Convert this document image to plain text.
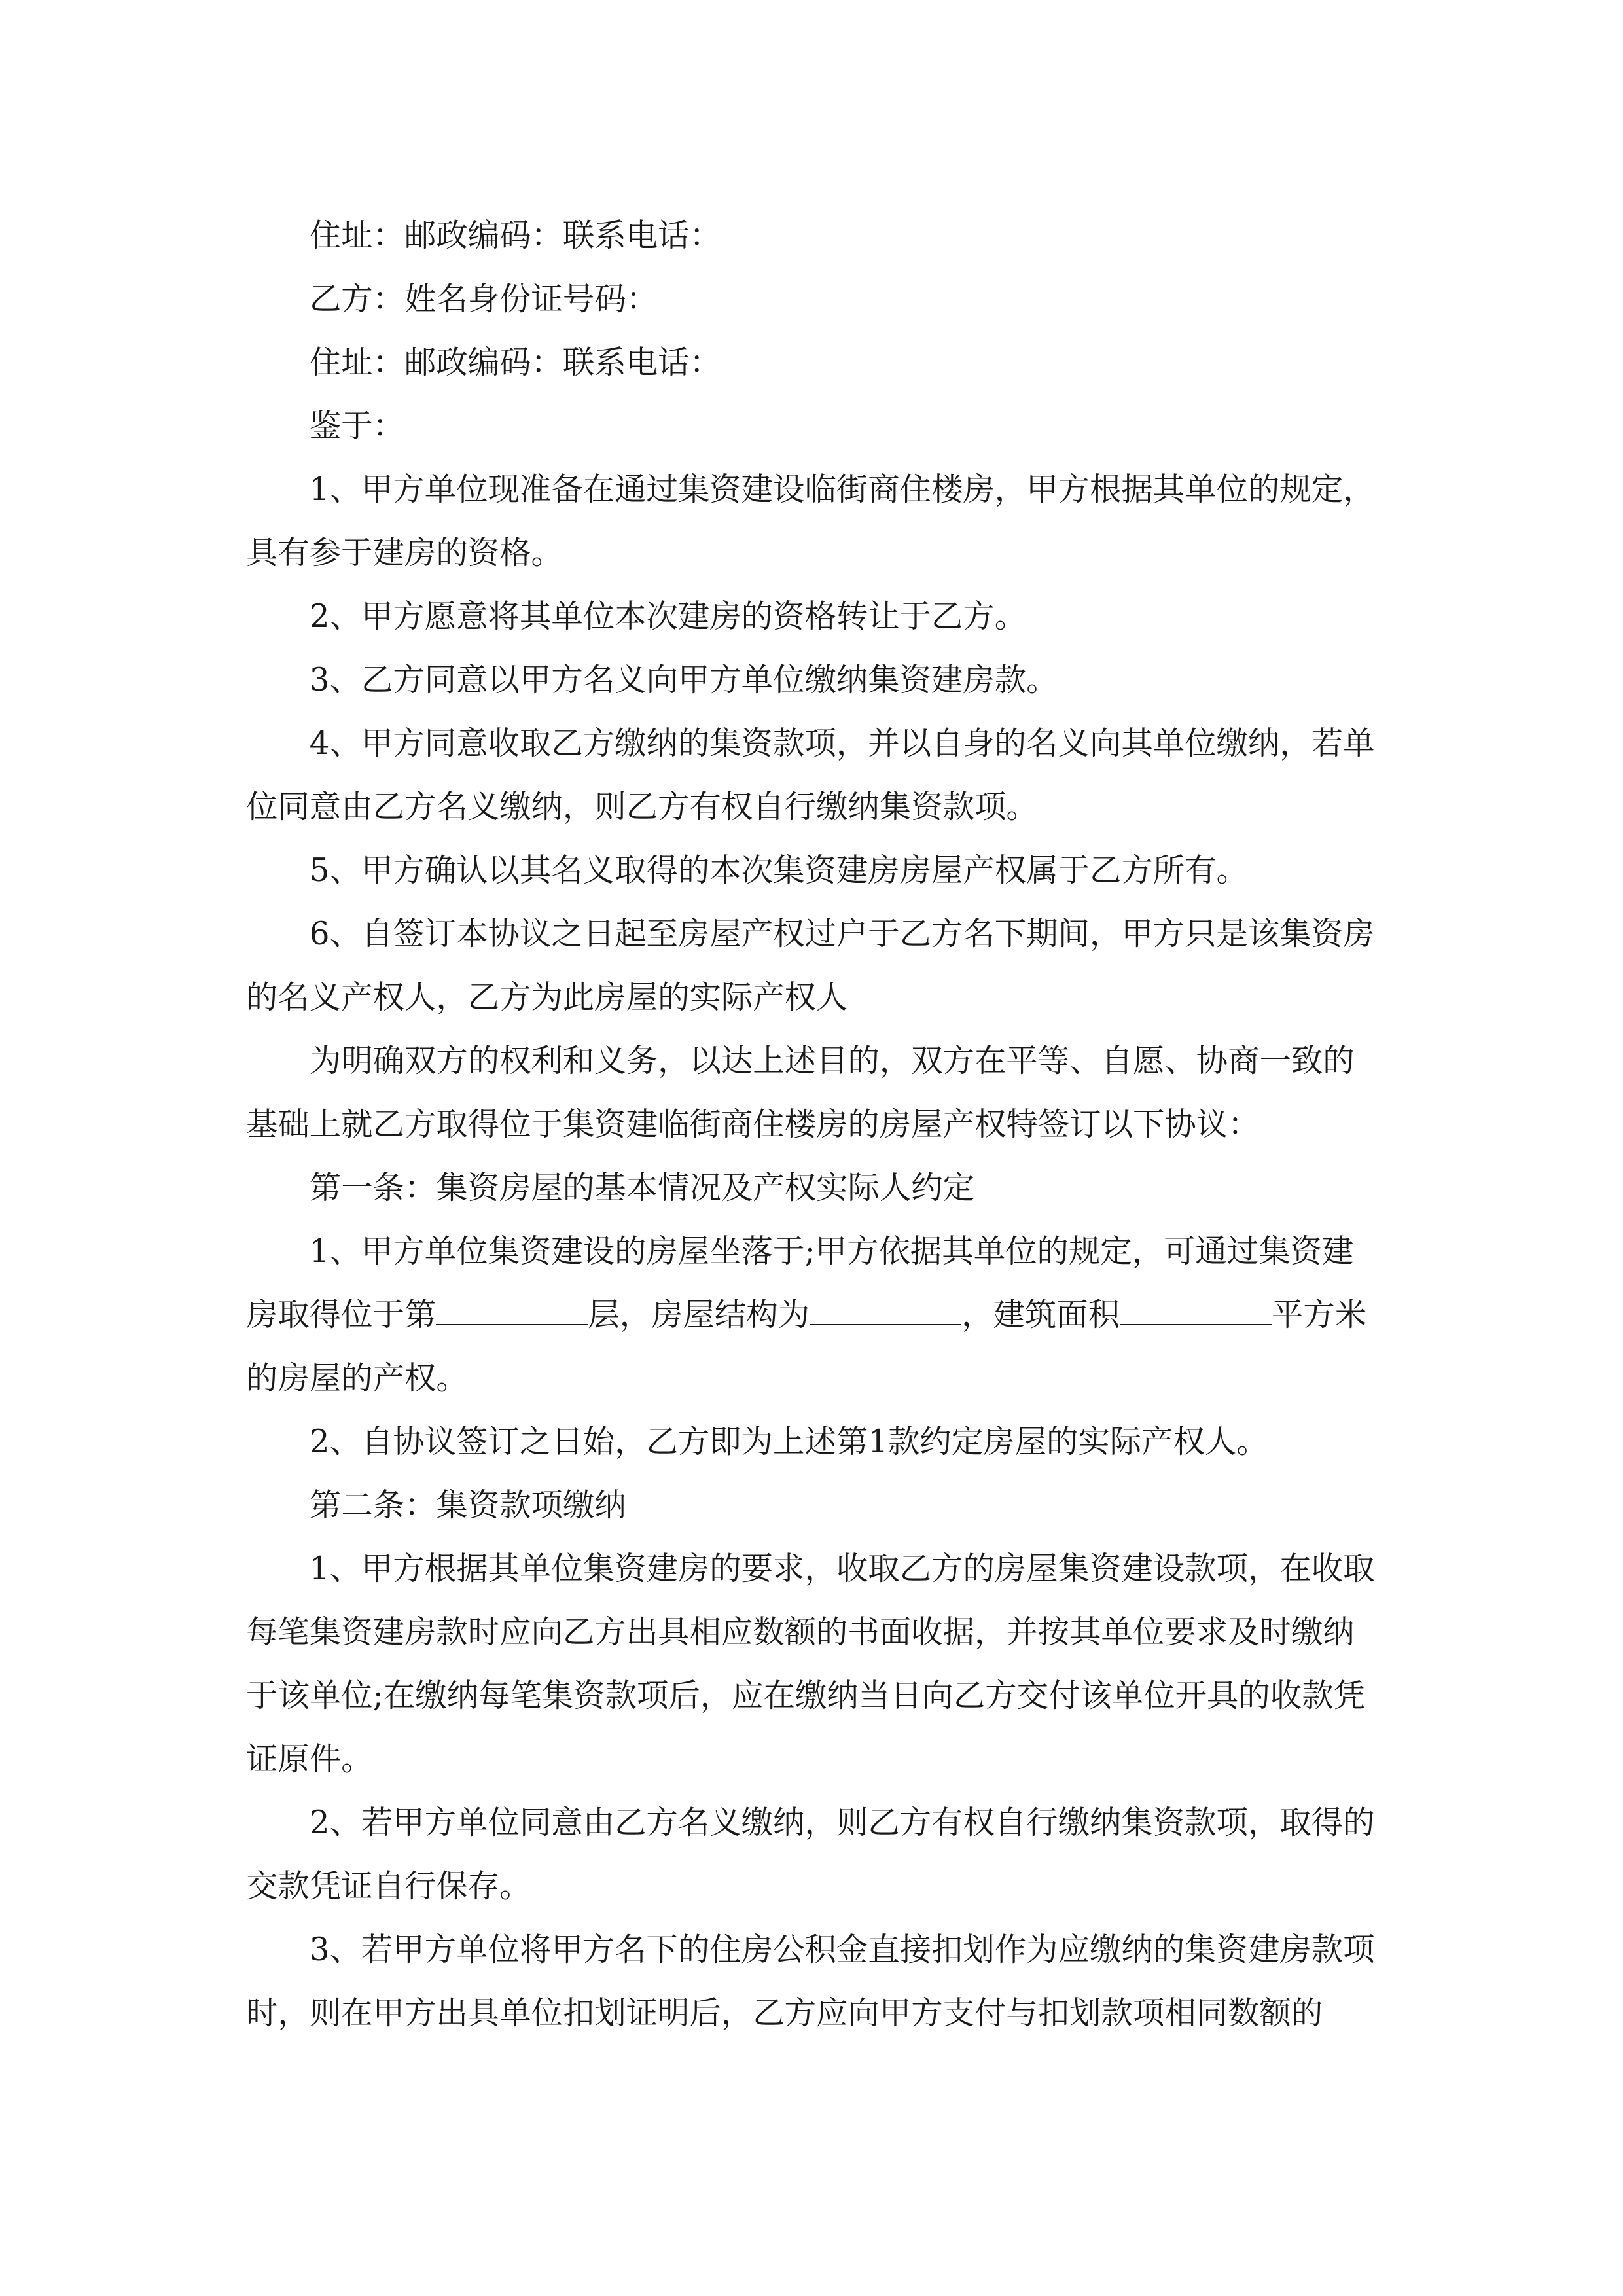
住址：邮政编码：联系电话：

乙方：姓名身份证号码：

住址：邮政编码：联系电话：

鉴于：

1、甲方单位现准备在通过集资建设临街商住楼房，甲方根据其单位的规定，具有参于建房的资格。

2、甲方愿意将其单位本次建房的资格转让于乙方。

3、乙方同意以甲方名义向甲方单位缴纳集资建房款。

4、甲方同意收取乙方缴纳的集资款项，并以自身的名义向其单位缴纳，若单位同意由乙方名义缴纳，则乙方有权自行缴纳集资款项。

5、甲方确认以其名义取得的本次集资建房房屋产权属于乙方所有。

6、自签订本协议之日起至房屋产权过户于乙方名下期间，甲方只是该集资房的名义产权人，乙方为此房屋的实际产权人

为明确双方的权利和义务，以达上述目的，双方在平等、自愿、协商一致的基础上就乙方取得位于集资建临街商住楼房的房屋产权特签订以下协议：

第一条：集资房屋的基本情况及产权实际人约定

1、甲方单位集资建设的房屋坐落于;甲方依据其单位的规定，可通过集资建房取得位于第	层，房屋结构为	，建筑面积	平方米的房屋的产权。

2、自协议签订之日始，乙方即为上述第1款约定房屋的实际产权人。

第二条：集资款项缴纳

1、甲方根据其单位集资建房的要求，收取乙方的房屋集资建设款项，在收取每笔集资建房款时应向乙方出具相应数额的书面收据，并按其单位要求及时缴纳于该单位;在缴纳每笔集资款项后，应在缴纳当日向乙方交付该单位开具的收款凭证原件。

2、若甲方单位同意由乙方名义缴纳，则乙方有权自行缴纳集资款项，取得的交款凭证自行保存。

3、若甲方单位将甲方名下的住房公积金直接扣划作为应缴纳的集资建房款项时，则在甲方出具单位扣划证明后，乙方应向甲方支付与扣划款项相同数额的
